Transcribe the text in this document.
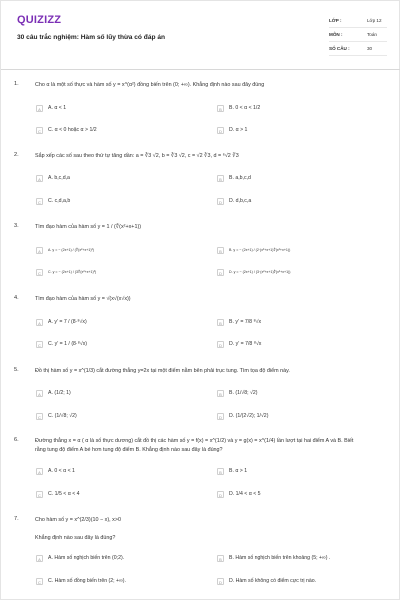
QUIZIZZ
30 câu trắc nghiệm: Hàm số lũy thừa có đáp án
LỚP :	Lớp 12
MÔN :	Toán
SỐ CÂU :	30
1.	Cho α là một số thực và hàm số y = x^(α²) đồng biến trên (0; +∞). Khẳng định nào sau đây đúng
A	A. α < 1	B	B. 0 < α < 1/2
C	C. α < 0 hoặc α > 1/2	D	D. α > 1
2.	Sắp xếp các số sau theo thứ tự tăng dần: a = ∛3 √2, b = ∛3 √2, c = √2 ∛3, d = ⁶√2 ∛3
A	A. b,c,d,a	B	B. a,b,c,d
C	C. c,d,a,b	D	D. d,b,c,a
3.	Tìm đạo hàm của hàm số y = 1 / (∜(x²+x+1))
A	A. y = − (2x+1) / (∜(x²+x+1)³)	B	B. y = − (2x+1) / (2·(x²+x+1)∜(x²+x+1))
C	C. y = − (2x+1) / (3∜(x²+x+1)³)	D	D. y = − (2x+1) / (3·(x²+x+1)∜(x²+x+1))
4.	Tìm đạo hàm của hàm số y = √(x√(x√x))
A	A. y′ = 7 / (8·⁸√x)	B	B. y′ = 7/8 ⁸√x
C	C. y′ = 1 / (8·⁸√x)	D	D. y′ = 7/8 ⁸√x
5.	Đồ thị hàm số y = x^(1/3) cắt đường thẳng y=2x tại một điểm nằm bên phải trục tung. Tìm tọa độ điểm này.
A	A. (1/2; 1)	B	B. (1/√8; √2)
C	C. (1/√8; √2)	D	D. (1/(2√2); 1/√2)
6.	Đường thẳng x = α ( α là số thực dương) cắt đồ thị các hàm số y = f(x) = x^(1/2) và y = g(x) = x^(1/4) lần lượt tại hai điểm A và B. Biết rằng tung độ điểm A bé hơn tung độ điểm B. Khẳng định nào sau đây là đúng?
A	A. 0 < α < 1	B	B. α > 1
C	C. 1/5 < α < 4	D	D. 1/4 < α < 5
7.	Cho hàm số y = x^(2/3)(10 − x), x>0
Khẳng định nào sau đây là đúng?
A	A. Hàm số nghịch biến trên (0;2).	B	B. Hàm số nghịch biến trên khoảng (5; +∞) .
C	C. Hàm số đồng biến trên (2; +∞).	D	D. Hàm số không có điểm cực trị nào.
